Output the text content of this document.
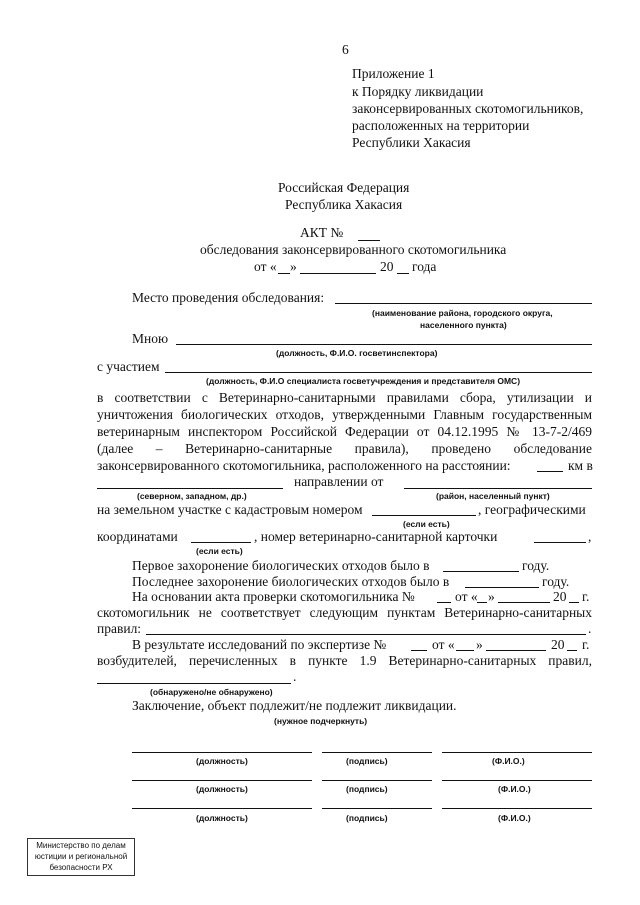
6
Приложение 1
к Порядку ликвидации
законсервированных скотомогильников,
расположенных на территории
Республики Хакасия
Российская Федерация
Республика Хакасия
АКТ №
обследования законсервированного скотомогильника
от « »	20 года
Место проведения обследования:
(наименование района, городского округа,
населенного пункта)
Мною
(должность, Ф.И.О. госветинспектора)
с участием
(должность, Ф.И.О специалиста госветучреждения и представителя ОМС)
в соответствии с Ветеринарно-санитарными правилами сбора, утилизации и
уничтожения биологических отходов, утвержденными Главным государственным
ветеринарным инспектором Российской Федерации от 04.12.1995 № 13-7-2/469
(далее – Ветеринарно-санитарные правила), проведено обследование
законсервированного скотомогильника, расположенного на расстоянии:	км в
направлении от
(северном, западном, др.)	(район, населенный пункт)
на земельном участке с кадастровым номером	, географическими
(если есть)
координатами	, номер ветеринарно-санитарной карточки	,
(если есть)
Первое захоронение биологических отходов было в	году.
Последнее захоронение биологических отходов было в	году.
На основании акта проверки скотомогильника №	от « »	20 г.
скотомогильник не соответствует следующим пунктам Ветеринарно-санитарных
правил:	.
В результате исследований по экспертизе №	от « »	20 г.
возбудителей, перечисленных в пункте 1.9 Ветеринарно-санитарных правил,
.
(обнаружено/не обнаружено)
Заключение, объект подлежит/не подлежит ликвидации.
(нужное подчеркнуть)
(должность)	(подпись)	(Ф.И.О.)
(должность)	(подпись)	(Ф.И.О.)
(должность)	(подпись)	(Ф.И.О.)
Министерство по делам
юстиции и региональной
безопасности РХ
